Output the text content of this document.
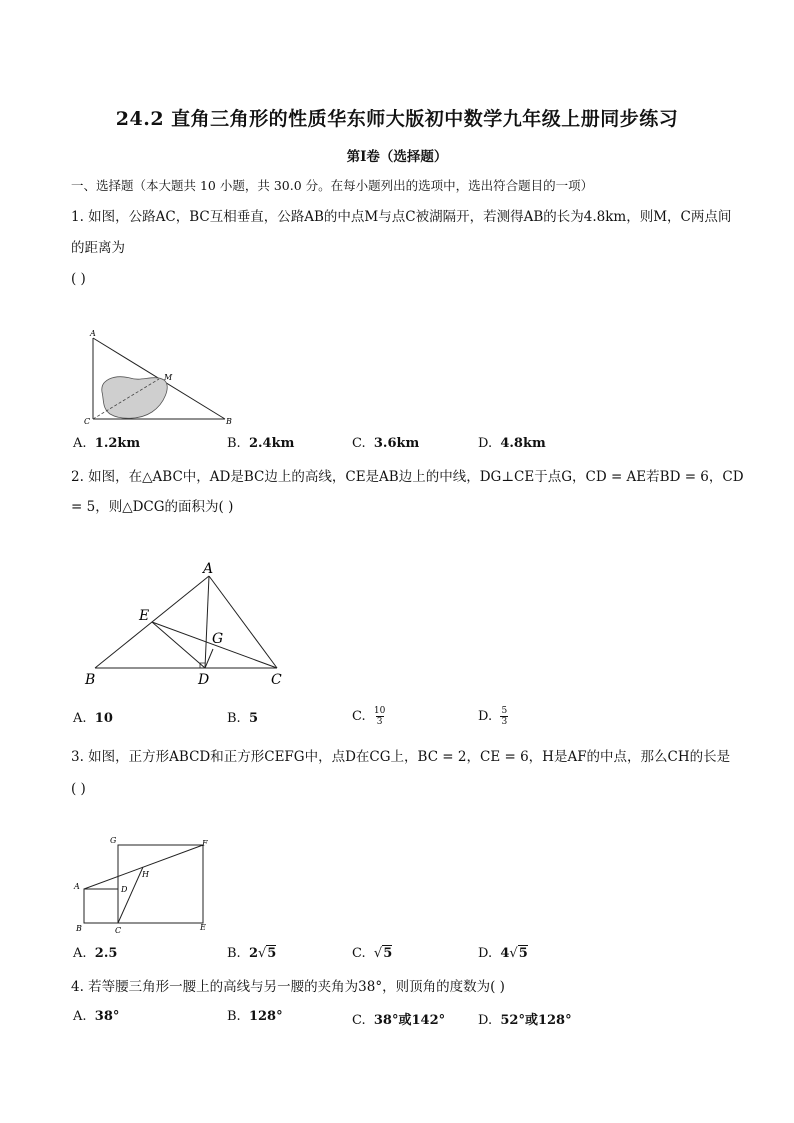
24.2 直角三角形的性质华东师大版初中数学九年级上册同步练习
第I卷（选择题）
一、选择题（本大题共 10 小题，共 30.0 分。在每小题列出的选项中，选出符合题目的一项）
1. 如图，公路AC，BC互相垂直，公路AB的中点M与点C被湖隔开，若测得AB的长为4.8km，则M，C两点间
的距离为
( )
A
M
C	B
A. 1.2km	B. 2.4km	C. 3.6km	D. 4.8km
2. 如图，在△ABC中，AD是BC边上的高线，CE是AB边上的中线，DG⊥CE于点G，CD = AE若BD = 6，CD
= 5，则△DCG的面积为( )
A
E
G
B	D	C
A. 10	B. 5	C. $\frac{10}{3}$	D. $\frac{5}{3}$
3. 如图，正方形ABCD和正方形CEFG中，点D在CG上，BC = 2，CE = 6，H是AF的中点，那么CH的长是
( )
G	F
A	D
H
B	C	E
A. 2.5	B. 2√5	C. √5	D. 4√5
4. 若等腰三角形一腰上的高线与另一腰的夹角为38°，则顶角的度数为( )
A. 38°	B. 128°	C. 38°或142°	D. 52°或128°
